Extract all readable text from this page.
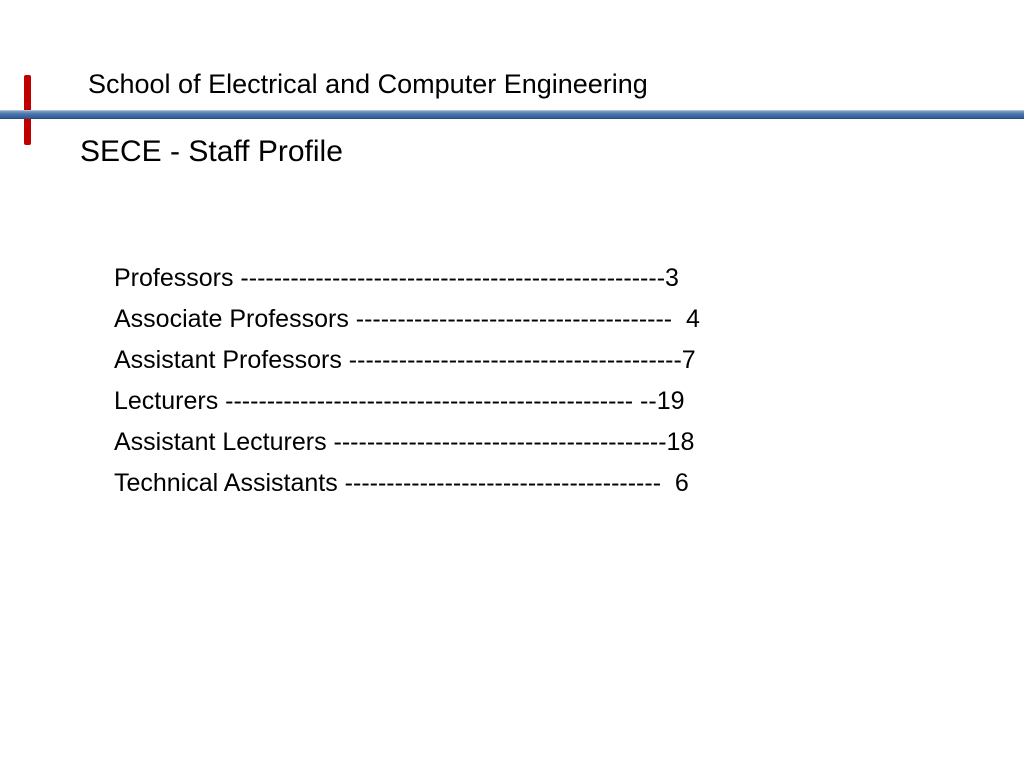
School of Electrical and Computer Engineering
SECE - Staff Profile
Professors ---------------------------------------------------3
Associate Professors --------------------------------------  4
Assistant Professors ----------------------------------------7
Lecturers ------------------------------------------------- --19
Assistant Lecturers ----------------------------------------18
Technical Assistants --------------------------------------  6
